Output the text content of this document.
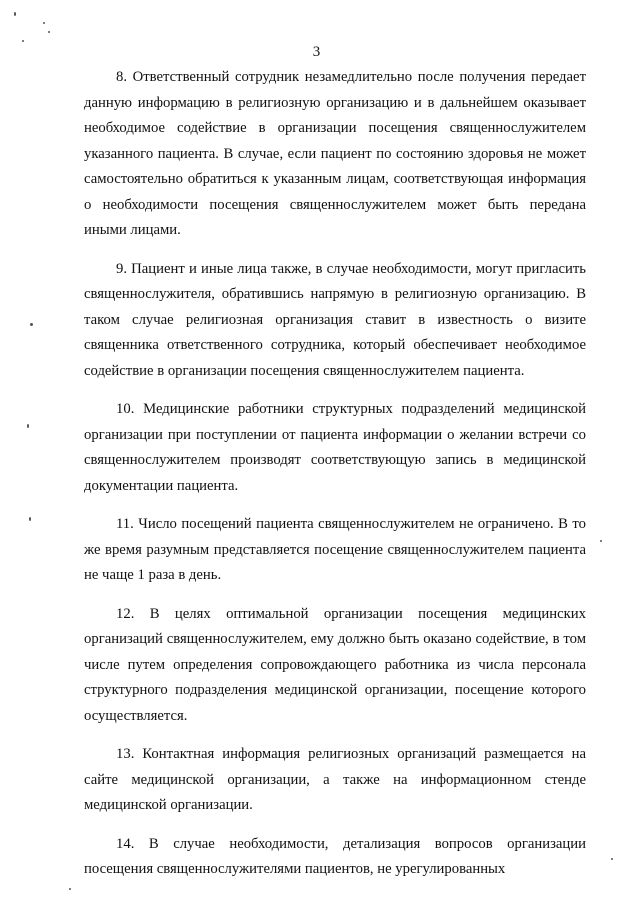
3

8. Ответственный сотрудник незамедлительно после получения передает данную информацию в религиозную организацию и в дальнейшем оказывает необходимое содействие в организации посещения священнослужителем указанного пациента. В случае, если пациент по состоянию здоровья не может самостоятельно обратиться к указанным лицам, соответствующая информация о необходимости посещения священнослужителем может быть передана иными лицами.

9. Пациент и иные лица также, в случае необходимости, могут пригласить священнослужителя, обратившись напрямую в религиозную организацию. В таком случае религиозная организация ставит в известность о визите священника ответственного сотрудника, который обеспечивает необходимое содействие в организации посещения священнослужителем пациента.

10. Медицинские работники структурных подразделений медицинской организации при поступлении от пациента информации о желании встречи со священнослужителем производят соответствующую запись в медицинской документации пациента.

11. Число посещений пациента священнослужителем не ограничено. В то же время разумным представляется посещение священнослужителем пациента не чаще 1 раза в день.

12. В целях оптимальной организации посещения медицинских организаций священнослужителем, ему должно быть оказано содействие, в том числе путем определения сопровождающего работника из числа персонала структурного подразделения медицинской организации, посещение которого осуществляется.

13. Контактная информация религиозных организаций размещается на сайте медицинской организации, а также на информационном стенде медицинской организации.

14. В случае необходимости, детализация вопросов организации посещения священнослужителями пациентов, не урегулированных
